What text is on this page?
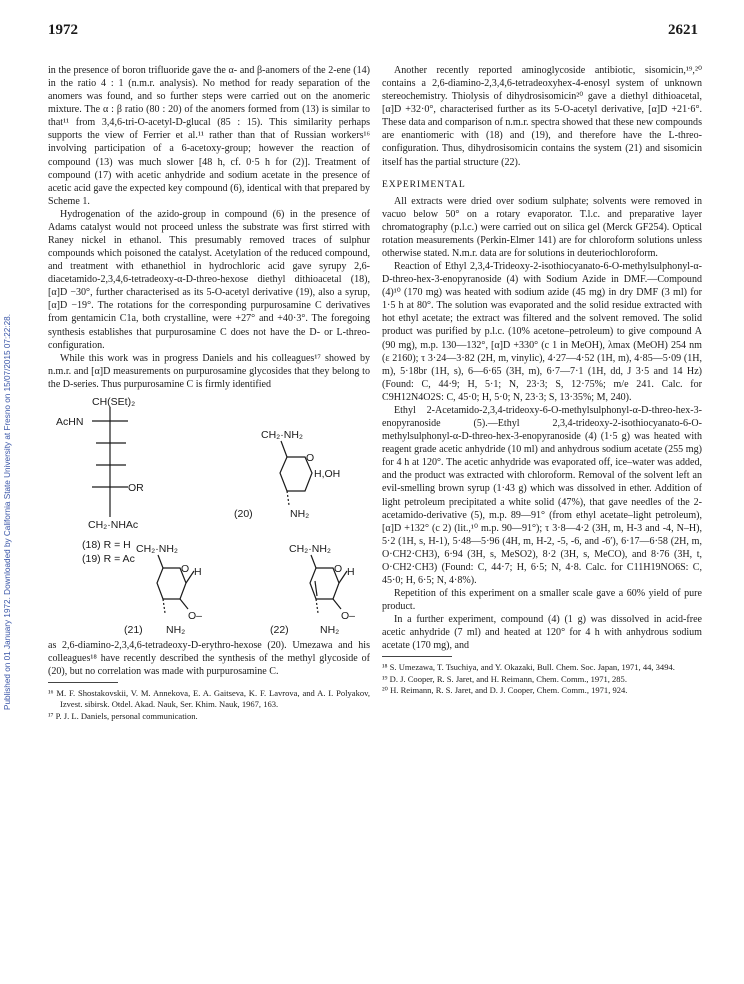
1972	2621
Published on 01 January 1972. Downloaded by California State University at Fresno on 15/07/2015 07:22:28.

in the presence of boron trifluoride gave the α- and β-anomers of the 2-ene (14) in the ratio 4 : 1 (n.m.r. analysis). No method for ready separation of the anomers was found, and so further steps were carried out on the anomeric mixture. The α : β ratio (80 : 20) of the anomers formed from (13) is similar to that¹¹ from 3,4,6-tri-O-acetyl-D-glucal (85 : 15). This similarity perhaps supports the view of Ferrier et al.¹¹ rather than that of Russian workers¹⁶ involving participation of a 6-acetoxy-group; however the reaction of compound (13) was much slower [48 h, cf. 0·5 h for (2)]. Treatment of compound (17) with acetic anhydride and sodium acetate in the presence of acetic acid gave the expected key compound (6), identical with that prepared by Scheme 1.

Hydrogenation of the azido-group in compound (6) in the presence of Adams catalyst would not proceed unless the substrate was first stirred with Raney nickel in ethanol. This presumably removed traces of sulphur compounds which poisoned the catalyst. Acetylation of the reduced compound, and treatment with ethanethiol in hydrochloric acid gave syrupy 2,6-diacetamido-2,3,4,6-tetradeoxy-α-D-threo-hexose diethyl dithioacetal (18), [α]D −30°, further characterised as its 5-O-acetyl derivative (19), also a syrup, [α]D −19°. The rotations for the corresponding purpurosamine C derivatives from gentamicin C1a, both crystalline, were +27° and +40·3°. The foregoing synthesis establishes that purpurosamine C does not have the D- or L-threo-configuration.

While this work was in progress Daniels and his colleagues¹⁷ showed by n.m.r. and [α]D measurements on purpurosamine glycosides that they belong to the D-series. Thus purpurosamine C is firmly identified

CH(SEt)₂
AcHN
OR
CH₂·NHAc
(18) R = H
(19) R = Ac
CH₂·NH₂
O
H,OH
NH₂
(20)
CH₂·NH₂
O H
O–
NH₂
(21)
CH₂·NH₂
O H
O–
NH₂
(22)

as 2,6-diamino-2,3,4,6-tetradeoxy-D-erythro-hexose (20). Umezawa and his colleagues¹⁸ have recently described the synthesis of the methyl glycoside of (20), but no correlation was made with purpurosamine C.

¹⁶ M. F. Shostakovskii, V. M. Annekova, E. A. Gaitseva, K. F. Lavrova, and A. I. Polyakov, Izvest. sibirsk. Otdel. Akad. Nauk, Ser. Khim. Nauk, 1967, 163.

¹⁷ P. J. L. Daniels, personal communication.

Another recently reported aminoglycoside antibiotic, sisomicin,¹⁹,²⁰ contains a 2,6-diamino-2,3,4,6-tetradeoxyhex-4-enosyl system of unknown stereochemistry. Thiolysis of dihydrosisomicin²⁰ gave a diethyl dithioacetal, [α]D +32·0°, characterised further as its 5-O-acetyl derivative, [α]D +21·6°. These data and comparison of n.m.r. spectra showed that these new compounds are enantiomeric with (18) and (19), and therefore have the L-threo-configuration. Thus, dihydrosisomicin contains the system (21) and sisomicin itself has the partial structure (22).

EXPERIMENTAL

All extracts were dried over sodium sulphate; solvents were removed in vacuo below 50° on a rotary evaporator. T.l.c. and preparative layer chromatography (p.l.c.) were carried out on silica gel (Merck GF254). Optical rotation measurements (Perkin-Elmer 141) are for chloroform solutions unless otherwise stated. N.m.r. data are for solutions in deuteriochloroform.

Reaction of Ethyl 2,3,4-Trideoxy-2-isothiocyanato-6-O-methylsulphonyl-α-D-threo-hex-3-enopyranoside (4) with Sodium Azide in DMF.—Compound (4)¹⁰ (170 mg) was heated with sodium azide (45 mg) in dry DMF (3 ml) for 1·5 h at 80°. The solution was evaporated and the solid residue extracted with hot ethyl acetate; the extract was filtered and the solvent removed. The solid product was purified by p.l.c. (10% acetone–petroleum) to give compound A (90 mg), m.p. 130—132°, [α]D +330° (c 1 in MeOH), λmax (MeOH) 254 nm (ε 2160); τ 3·24—3·82 (2H, m, vinylic), 4·27—4·52 (1H, m), 4·85—5·09 (1H, m), 5·18br (1H, s), 6—6·65 (3H, m), 6·7—7·1 (1H, dd, J 3·5 and 14 Hz) (Found: C, 44·9; H, 5·1; N, 23·3; S, 12·75%; m/e 241. Calc. for C9H12N4O2S: C, 45·0; H, 5·0; N, 23·3; S, 13·35%; M, 240).

Ethyl 2-Acetamido-2,3,4-trideoxy-6-O-methylsulphonyl-α-D-threo-hex-3-enopyranoside (5).—Ethyl 2,3,4-trideoxy-2-isothiocyanato-6-O-methylsulphonyl-α-D-threo-hex-3-enopyranoside (4) (1·5 g) was heated with reagent grade acetic anhydride (10 ml) and anhydrous sodium acetate (255 mg) for 4 h at 120°. The acetic anhydride was evaporated off, ice–water was added, and the product was extracted with chloroform. Removal of the solvent left an evil-smelling brown syrup (1·43 g) which was dissolved in ether. Addition of light petroleum precipitated a white solid (47%), that gave needles of the 2-acetamido-derivative (5), m.p. 89—91° (from ethyl acetate–light petroleum), [α]D +132° (c 2) (lit.,¹⁰ m.p. 90—91°); τ 3·8—4·2 (3H, m, H-3 and -4, N–H), 5·2 (1H, s, H-1), 5·48—5·96 (4H, m, H-2, -5, -6, and -6′), 6·17—6·58 (2H, m, O·CH2·CH3), 6·94 (3H, s, MeSO2), 8·2 (3H, s, MeCO), and 8·76 (3H, t, O·CH2·CH3) (Found: C, 44·7; H, 6·5; N, 4·8. Calc. for C11H19NO6S: C, 45·0; H, 6·5; N, 4·8%).

Repetition of this experiment on a smaller scale gave a 60% yield of pure product.

In a further experiment, compound (4) (1 g) was dissolved in acid-free acetic anhydride (7 ml) and heated at 120° for 4 h with anhydrous sodium acetate (170 mg), and

¹⁸ S. Umezawa, T. Tsuchiya, and Y. Okazaki, Bull. Chem. Soc. Japan, 1971, 44, 3494.

¹⁹ D. J. Cooper, R. S. Jaret, and H. Reimann, Chem. Comm., 1971, 285.

²⁰ H. Reimann, R. S. Jaret, and D. J. Cooper, Chem. Comm., 1971, 924.
